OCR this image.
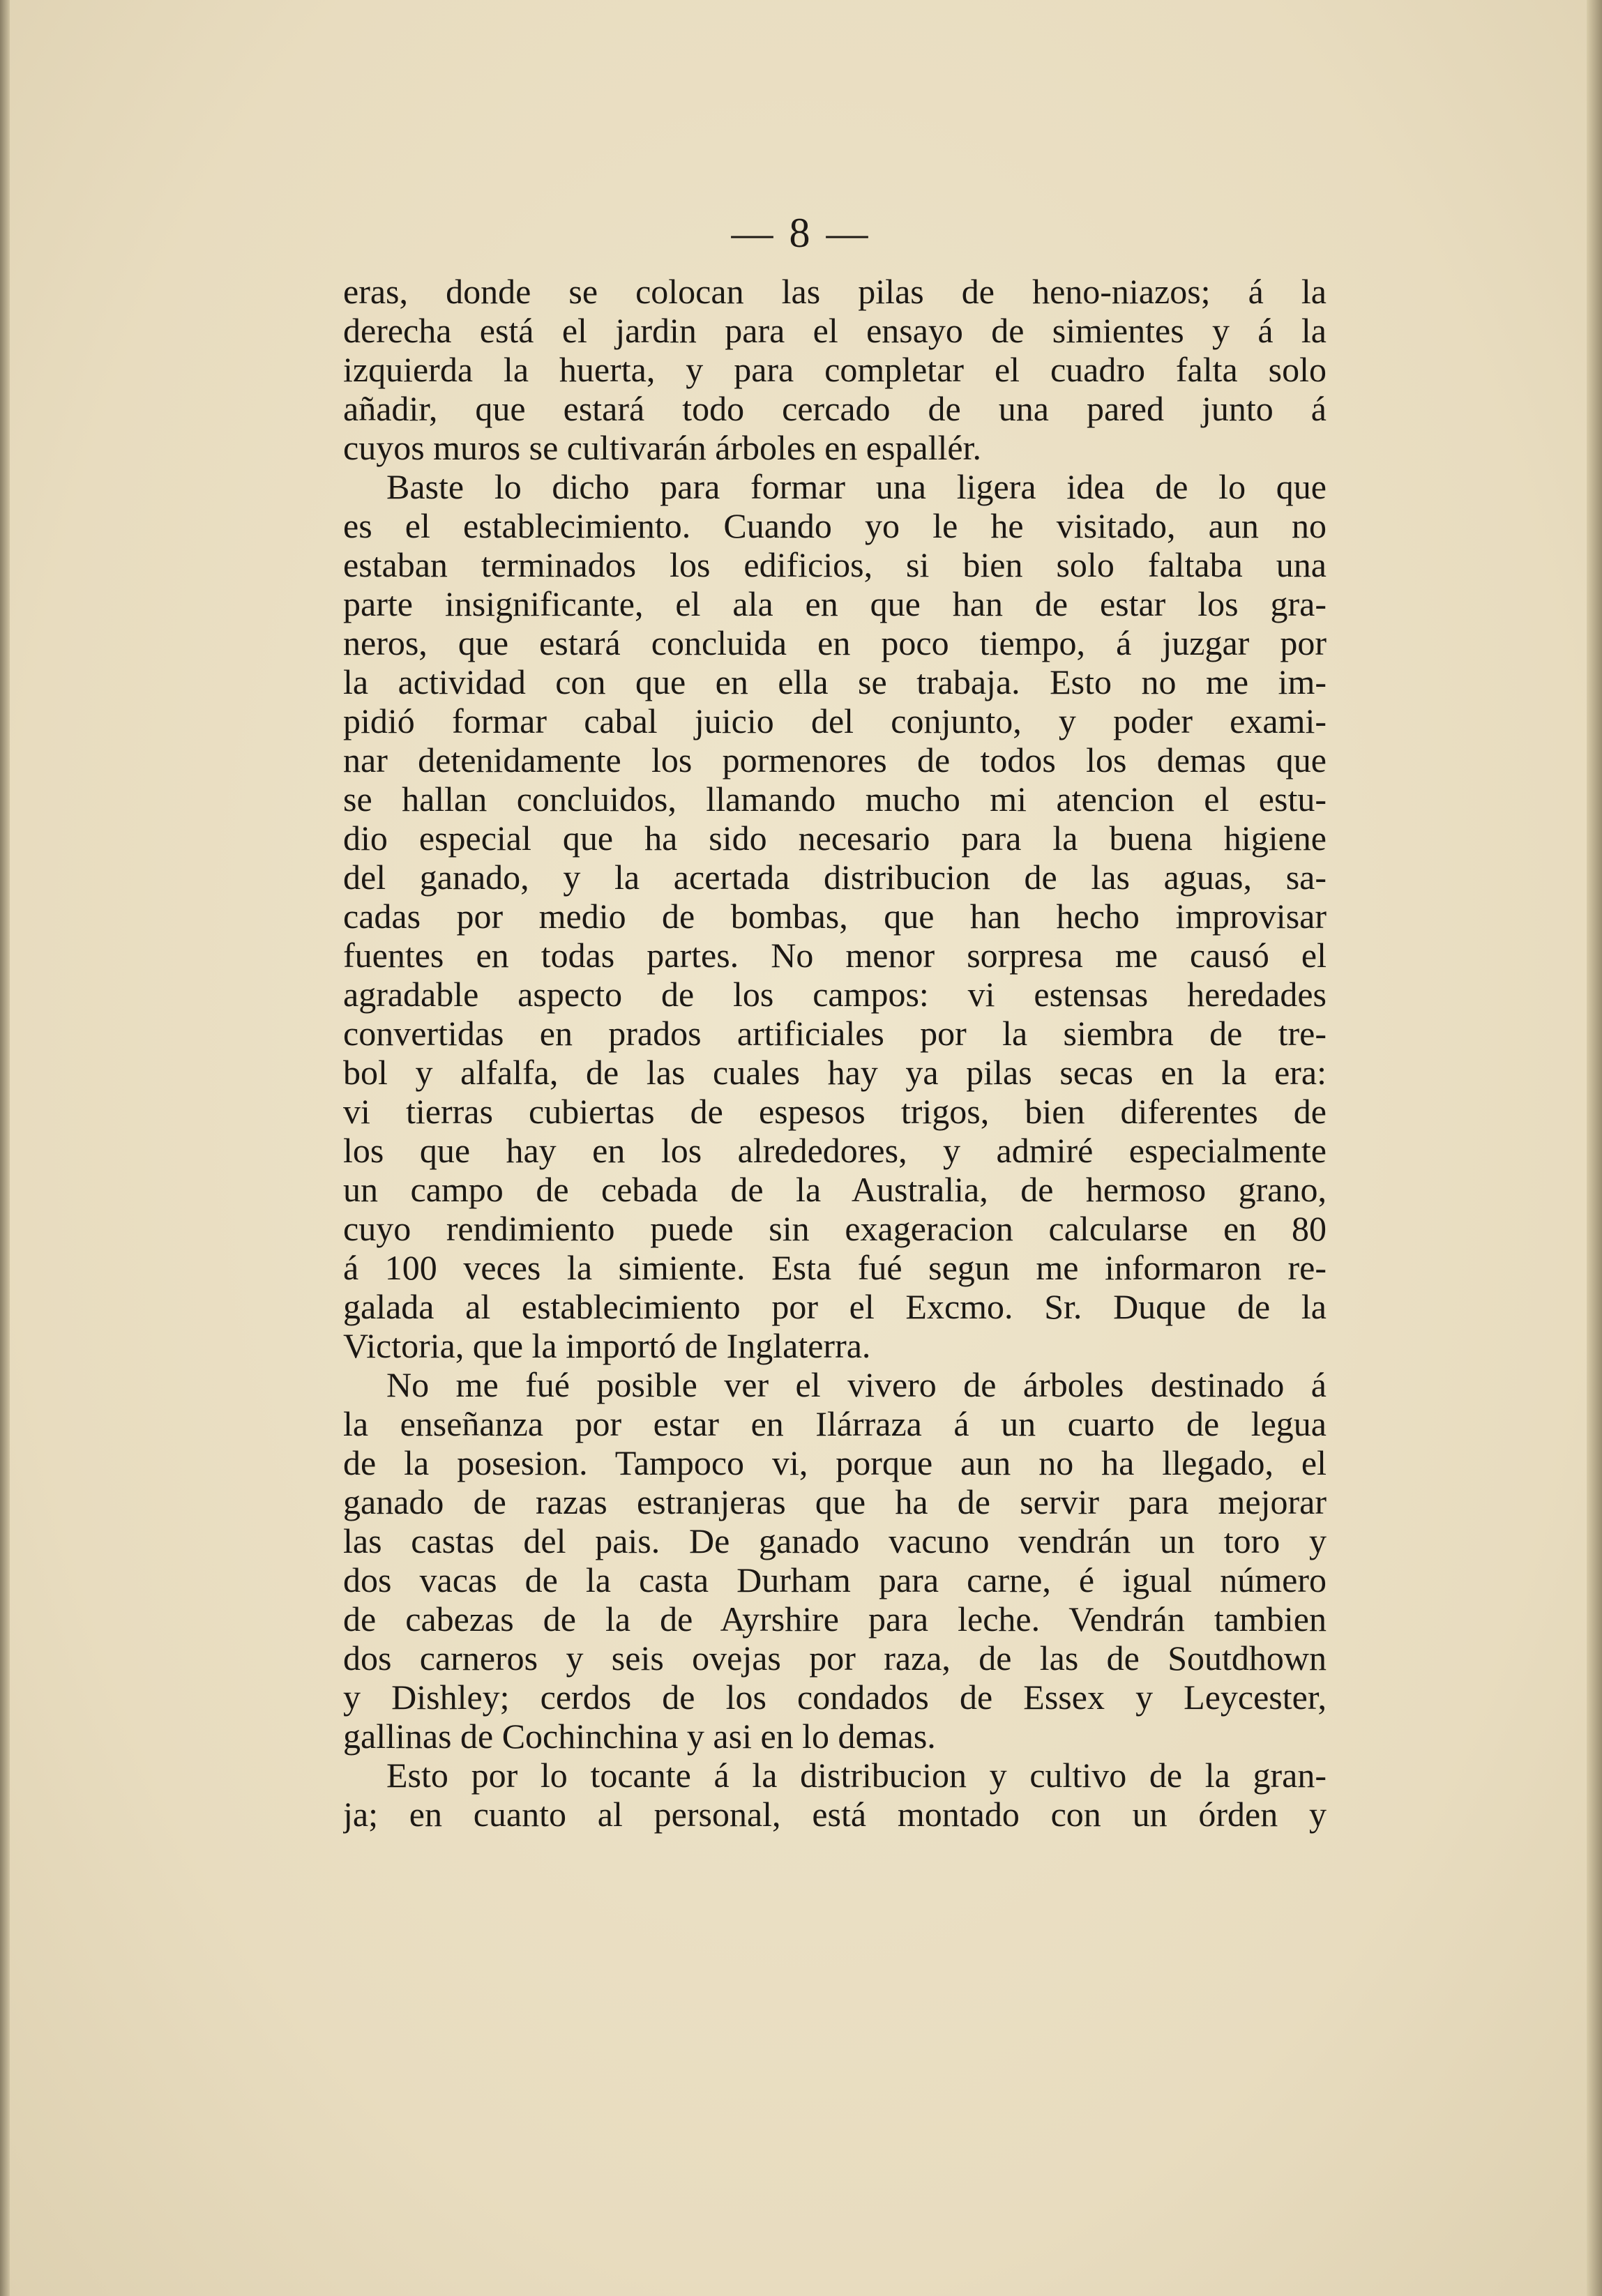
— 8 —

eras, donde se colocan las pilas de heno-niazos; á la
derecha está el jardin para el ensayo de simientes y á la
izquierda la huerta, y para completar el cuadro falta solo
añadir, que estará todo cercado de una pared junto á
cuyos muros se cultivarán árboles en espallér.

Baste lo dicho para formar una ligera idea de lo que
es el establecimiento. Cuando yo le he visitado, aun no
estaban terminados los edificios, si bien solo faltaba una
parte insignificante, el ala en que han de estar los gra-
neros, que estará concluida en poco tiempo, á juzgar por
la actividad con que en ella se trabaja. Esto no me im-
pidió formar cabal juicio del conjunto, y poder exami-
nar detenidamente los pormenores de todos los demas que
se hallan concluidos, llamando mucho mi atencion el estu-
dio especial que ha sido necesario para la buena higiene
del ganado, y la acertada distribucion de las aguas, sa-
cadas por medio de bombas, que han hecho improvisar
fuentes en todas partes. No menor sorpresa me causó el
agradable aspecto de los campos: vi estensas heredades
convertidas en prados artificiales por la siembra de tre-
bol y alfalfa, de las cuales hay ya pilas secas en la era:
vi tierras cubiertas de espesos trigos, bien diferentes de
los que hay en los alrededores, y admiré especialmente
un campo de cebada de la Australia, de hermoso grano,
cuyo rendimiento puede sin exageracion calcularse en 80
á 100 veces la simiente. Esta fué segun me informaron re-
galada al establecimiento por el Excmo. Sr. Duque de la
Victoria, que la importó de Inglaterra.

No me fué posible ver el vivero de árboles destinado á
la enseñanza por estar en Ilárraza á un cuarto de legua
de la posesion. Tampoco vi, porque aun no ha llegado, el
ganado de razas estranjeras que ha de servir para mejorar
las castas del pais. De ganado vacuno vendrán un toro y
dos vacas de la casta Durham para carne, é igual número
de cabezas de la de Ayrshire para leche. Vendrán tambien
dos carneros y seis ovejas por raza, de las de Soutdhown
y Dishley; cerdos de los condados de Essex y Leycester,
gallinas de Cochinchina y asi en lo demas.

Esto por lo tocante á la distribucion y cultivo de la gran-
ja; en cuanto al personal, está montado con un órden y
